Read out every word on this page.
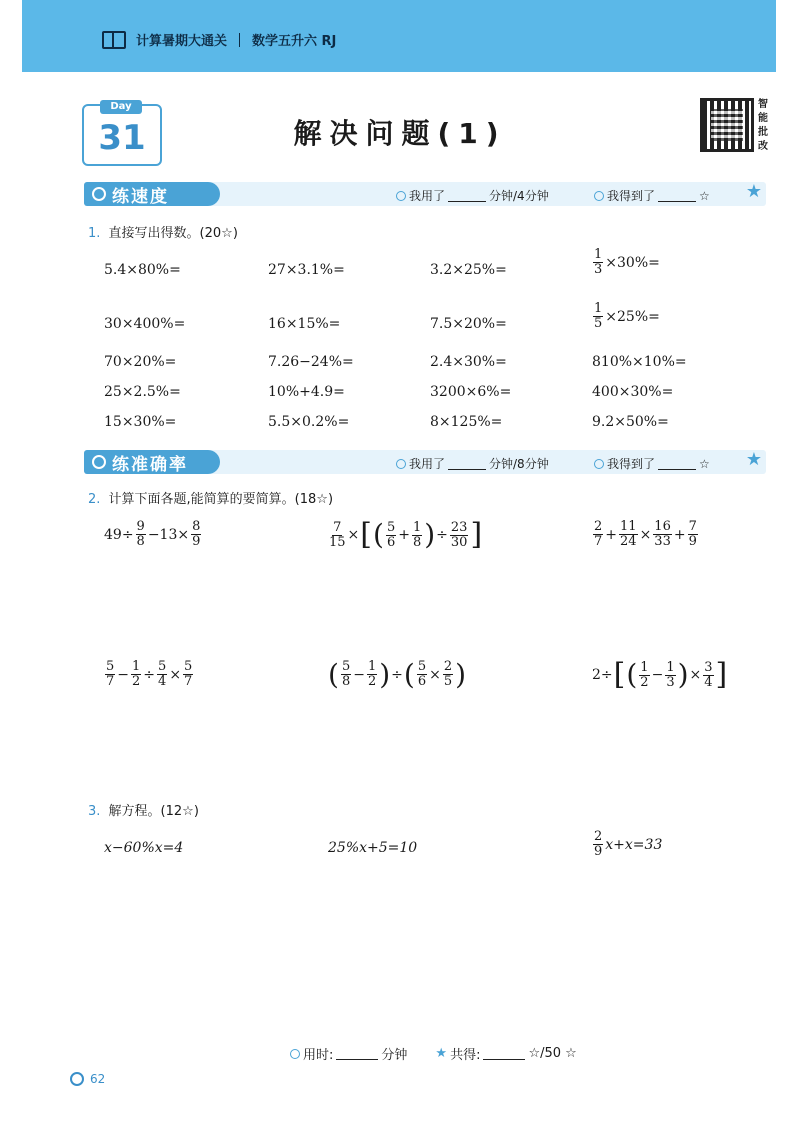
计算暑期大通关 数学五升六 RJ
Day
31	解决问题(1)
智能批改
练速度	我用了	分钟/4分钟	我得到了	☆ ★
1. 直接写出得数。(20☆)
5.4×80%=	27×3.1%=	3.2×25%=	$\frac{1}{3} \times 30\%=$
30×400%=	16×15%=	7.5×20%=	$\frac{1}{5} \times 25\%=$
70×20%=	7.26−24%=	2.4×30%=	810%×10%=
25×2.5%=	10%+4.9=	3200×6%=	400×30%=
15×30%=	5.5×0.2%=	8×125%=	9.2×50%=
练准确率	我用了	分钟/8分钟	我得到了	☆ ★
2. 计算下面各题,能简算的要简算。(18☆)
$49\div \frac{9}{8} -13\times \frac{8}{9}$	$\frac{7}{15}$ × [ ( $\frac{5}{6} + \frac{1}{8}$ ) ÷ $\frac{23}{30}$ ]	$\frac{2}{7} + \frac{11}{24} \times \frac{16}{33} + \frac{7}{9}$
$\frac{5}{7} - \frac{1}{2} \div \frac{5}{4} \times \frac{5}{7}$	( $\frac{5}{8} - \frac{1}{2}$ ) ÷ ( $\frac{5}{6} \times \frac{2}{5}$ )	2÷ [ ( $\frac{1}{2} - \frac{1}{3}$ ) × $\frac{3}{4}$ ]
3. 解方程。(12☆)
x−60%x=4	25%x+5=10	$\frac{2}{9} x+x=33$
用时:	分钟 ★ 共得:	☆/50 ☆
62
